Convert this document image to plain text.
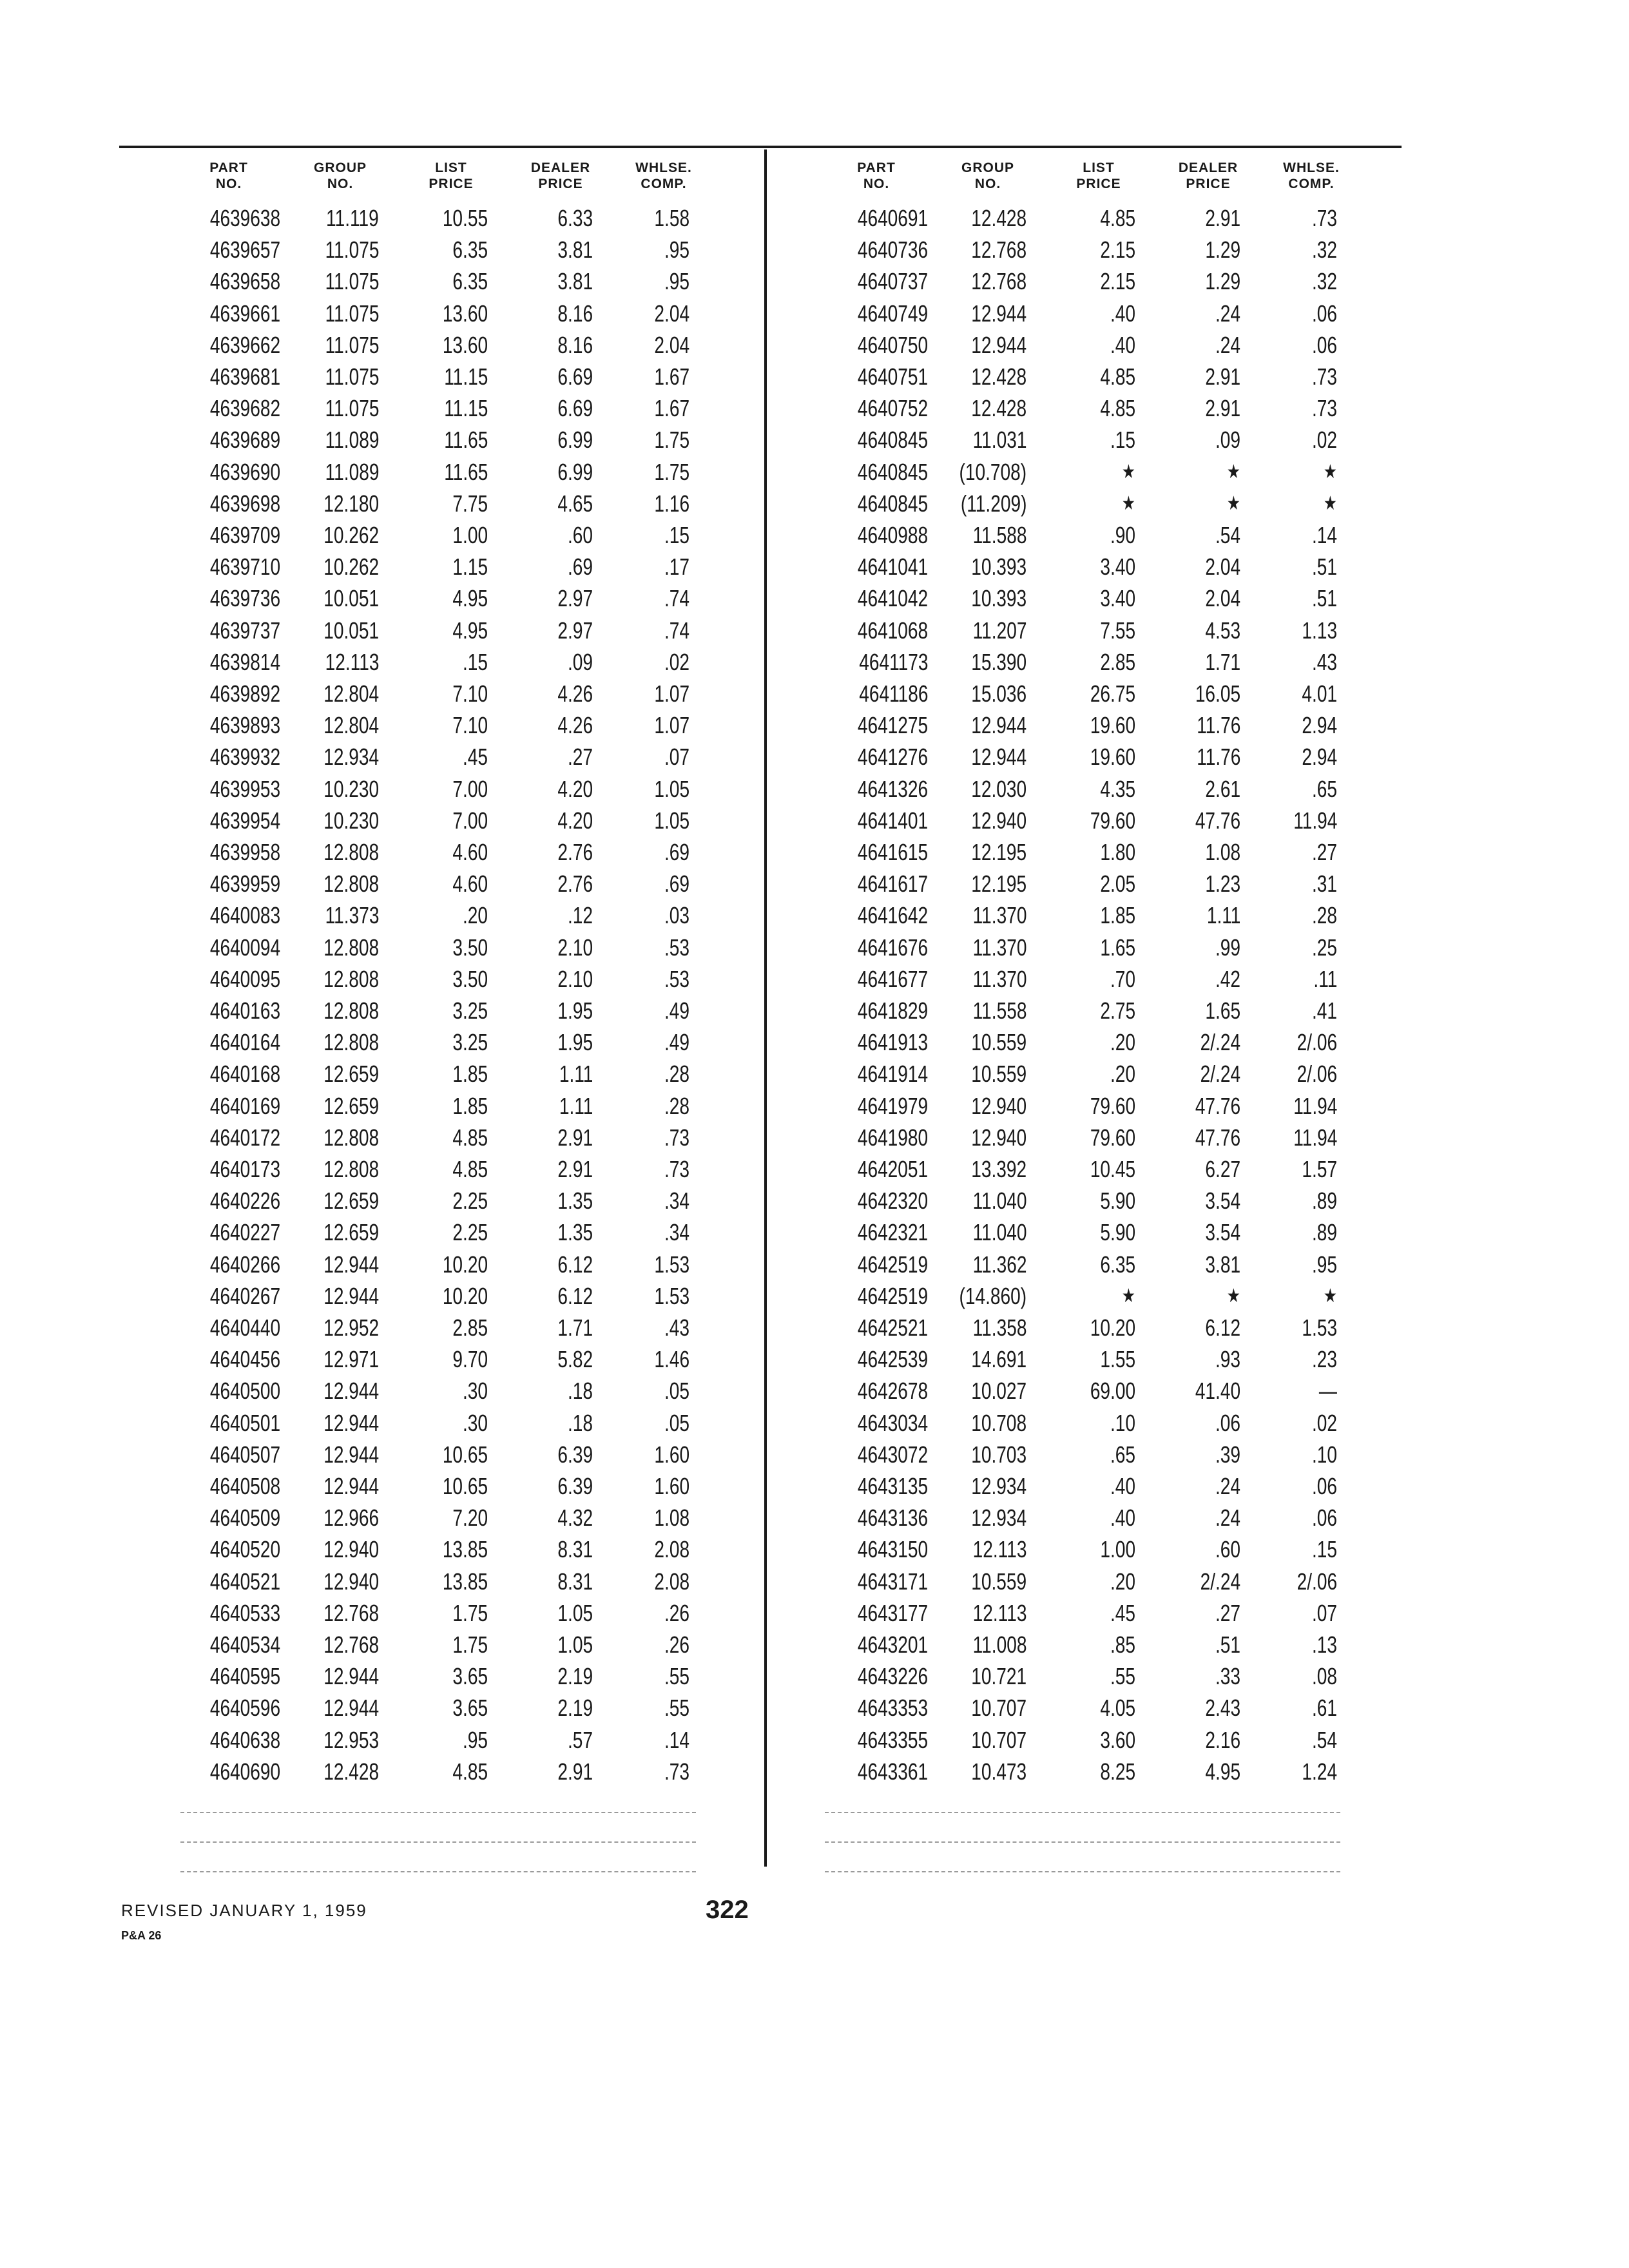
PART
NO.
GROUP
NO.
LIST
PRICE
DEALER
PRICE
WHLSE.
COMP.
4639638 11.119	10.55	6.33	1.58
4639657 11.075	6.35	3.81	.95
4639658 11.075	6.35	3.81	.95
4639661 11.075	13.60	8.16	2.04
4639662 11.075	13.60	8.16	2.04
4639681 11.075	11.15	6.69	1.67
4639682 11.075	11.15	6.69	1.67
4639689 11.089	11.65	6.99	1.75
4639690 11.089	11.65	6.99	1.75
4639698 12.180	7.75	4.65	1.16
4639709 10.262	1.00	.60	.15
4639710 10.262	1.15	.69	.17
4639736 10.051	4.95	2.97	.74
4639737 10.051	4.95	2.97	.74
4639814 12.113	.15	.09	.02
4639892 12.804	7.10	4.26	1.07
4639893 12.804	7.10	4.26	1.07
4639932 12.934	.45	.27	.07
4639953 10.230	7.00	4.20	1.05
4639954 10.230	7.00	4.20	1.05
4639958 12.808	4.60	2.76	.69
4639959 12.808	4.60	2.76	.69
4640083 11.373	.20	.12	.03
4640094 12.808	3.50	2.10	.53
4640095 12.808	3.50	2.10	.53
4640163 12.808	3.25	1.95	.49
4640164 12.808	3.25	1.95	.49
4640168 12.659	1.85	1.11	.28
4640169 12.659	1.85	1.11	.28
4640172 12.808	4.85	2.91	.73
4640173 12.808	4.85	2.91	.73
4640226 12.659	2.25	1.35	.34
4640227 12.659	2.25	1.35	.34
4640266 12.944	10.20	6.12	1.53
4640267 12.944	10.20	6.12	1.53
4640440 12.952	2.85	1.71	.43
4640456 12.971	9.70	5.82	1.46
4640500 12.944	.30	.18	.05
4640501 12.944	.30	.18	.05
4640507 12.944	10.65	6.39	1.60
4640508 12.944	10.65	6.39	1.60
4640509 12.966	7.20	4.32	1.08
4640520 12.940	13.85	8.31	2.08
4640521 12.940	13.85	8.31	2.08
4640533 12.768	1.75	1.05	.26
4640534 12.768	1.75	1.05	.26
4640595 12.944	3.65	2.19	.55
4640596 12.944	3.65	2.19	.55
4640638 12.953	.95	.57	.14
4640690 12.428	4.85	2.91	.73
PART
NO.
GROUP
NO.
LIST
PRICE
DEALER
PRICE
WHLSE.
COMP.
4640691 12.428	4.85	2.91	.73
4640736 12.768	2.15	1.29	.32
4640737 12.768	2.15	1.29	.32
4640749 12.944	.40	.24	.06
4640750 12.944	.40	.24	.06
4640751 12.428	4.85	2.91	.73
4640752 12.428	4.85	2.91	.73
4640845 11.031	.15	.09	.02
4640845 (10.708)	★	★	★
4640845 (11.209)	★	★	★
4640988 11.588	.90	.54	.14
4641041 10.393	3.40	2.04	.51
4641042 10.393	3.40	2.04	.51
4641068 11.207	7.55	4.53	1.13
4641173 15.390	2.85	1.71	.43
4641186 15.036	26.75	16.05	4.01
4641275 12.944	19.60	11.76	2.94
4641276 12.944	19.60	11.76	2.94
4641326 12.030	4.35	2.61	.65
4641401 12.940	79.60	47.76 11.94
4641615 12.195	1.80	1.08	.27
4641617 12.195	2.05	1.23	.31
4641642 11.370	1.85	1.11	.28
4641676 11.370	1.65	.99	.25
4641677 11.370	.70	.42	.11
4641829 11.558	2.75	1.65	.41
4641913 10.559	.20	2/.24 2/.06
4641914 10.559	.20	2/.24 2/.06
4641979 12.940	79.60	47.76 11.94
4641980 12.940	79.60	47.76 11.94
4642051 13.392	10.45	6.27	1.57
4642320 11.040	5.90	3.54	.89
4642321 11.040	5.90	3.54	.89
4642519 11.362	6.35	3.81	.95
4642519 (14.860)	★	★	★
4642521 11.358	10.20	6.12	1.53
4642539 14.691	1.55	.93	.23
4642678 10.027	69.00	41.40	—
4643034 10.708	.10	.06	.02
4643072 10.703	.65	.39	.10
4643135 12.934	.40	.24	.06
4643136 12.934	.40	.24	.06
4643150 12.113	1.00	.60	.15
4643171 10.559	.20	2/.24 2/.06
4643177 12.113	.45	.27	.07
4643201 11.008	.85	.51	.13
4643226 10.721	.55	.33	.08
4643353 10.707	4.05	2.43	.61
4643355 10.707	3.60	2.16	.54
4643361 10.473	8.25	4.95	1.24
REVISED JANUARY 1, 1959
P&A 26
322
